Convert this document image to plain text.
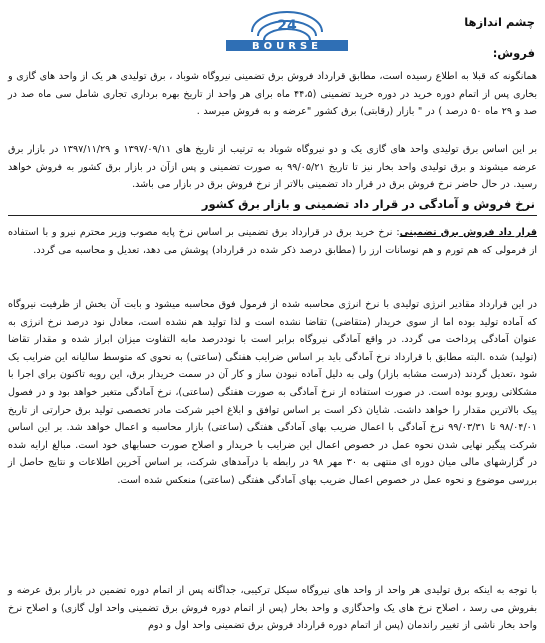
چشم اندازها
24
BOURSE	فروش:
همانگونه که قبلا به اطلاع رسیده است، مطابق قرارداد فروش برق تضمینی نیروگاه شوباد ، برق تولیدی هر یک از واحد های گازی و بخاری پس از اتمام دوره خرید در دوره خرید تضمینی (۴۴،۵ ماه برای هر واحد از تاریخ بهره برداری تجاری شامل سی ماه صد در صد و ۲۹ ماه ۵۰ درصد ) در " بازار (رقابتی) برق کشور "عرضه و به فروش میرسد .
بر این اساس برق تولیدی واحد های گازی یک و دو نیروگاه شوباد به ترتیب از تاریخ های ۱۳۹۷/۰۹/۱۱ و ۱۳۹۷/۱۱/۲۹ در بازار برق عرضه میشوند و برق تولیدی واحد بخار نیز تا تاریخ ۹۹/۰۵/۲۱ به صورت تضمینی و پس ازآن در بازار برق کشور به فروش خواهد رسید. در حال حاضر نرخ فروش برق در قرار داد تضمینی بالاتر از نرخ فروش برق در بازار می باشد.
نرخ فروش و آمادگی در قرار داد تضمینی و بازار برق کشور
قرار داد فروش برق تضمینی: نرخ خرید برق در قرارداد برق تضمینی بر اساس نرخ پایه مصوب وزیر محترم نیرو و با استفاده از فرمولی که هم تورم و هم نوسانات ارز را (مطابق درصد ذکر شده در قرارداد) پوشش می دهد، تعدیل و محاسبه می گردد.
در این قرارداد مقادیر انرژی تولیدی با نرخ انرژی محاسبه شده از فرمول فوق محاسبه میشود و بابت آن بخش از ظرفیت نیروگاه که آماده تولید بوده اما از سوی خریدار (متقاضی) تقاضا نشده است و لذا تولید هم نشده است، معادل نود درصد نرخ انرژی به عنوان آمادگی پرداخت می گردد. در واقع آمادگی نیروگاه برابر است با نوددرصد مابه التفاوت میزان ابراز شده و مقدار تقاضا (تولید) شده .البته مطابق با قرارداد نرخ آمادگی باید بر اساس ضرایب هفتگی (ساعتی) به نحوی که متوسط سالیانه این ضرایب یک شود ،تعدیل گردند (درست مشابه بازار) ولی به دلیل آماده نبودن ساز و کار آن در سمت خریدار برق، این رویه تاکنون برای اجرا با مشکلاتی روبرو بوده است. در صورت استفاده از نرخ آمادگی به صورت هفتگی (ساعتی)، نرخ آمادگی متغیر خواهد بود و در فصول پیک بالاترین مقدار را خواهد داشت. شایان ذکر است بر اساس توافق و ابلاغ اخیر شرکت مادر تخصصی تولید برق حرارتی از تاریخ ۹۸/۰۴/۰۱ تا ۹۹/۰۳/۳۱ نرخ آمادگی با اعمال ضریب بهای آمادگی هفتگی (ساعتی) بازار محاسبه و اعمال خواهد شد. بر این اساس شرکت پیگیر نهایی شدن نحوه عمل در خصوص اعمال این ضرایب با خریدار و اصلاح صورت حسابهای خود است. مبالغ ارایه شده در گزارشهای مالی میان دوره ای منتهی به ۳۰ مهر ۹۸ در رابطه با درآمدهای شرکت، بر اساس آخرین اطلاعات و نتایج حاصل از بررسی موضوع و نحوه عمل در خصوص اعمال ضریب بهای آمادگی هفتگی (ساعتی) منعکس شده است.
با توجه به اینکه برق تولیدی هر واحد از واحد های نیروگاه سیکل ترکیبی، جداگانه پس از اتمام دوره تضمین در بازار برق عرضه و بفروش می رسد ، اصلاح نرخ های یک واحدگازی و واحد بخار (پس از اتمام دوره فروش برق تضمینی واحد اول گازی) و اصلاح نرخ واحد بخار ناشی از تغییر راندمان (پس از اتمام دوره قرارداد فروش برق تضمینی واحد اول و دوم
